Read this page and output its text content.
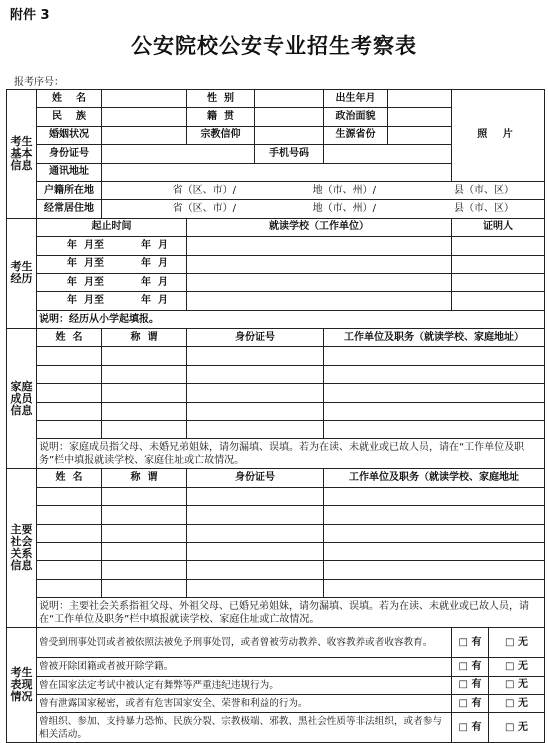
附件 3
公安院校公安专业招生考察表
报考序号：
考生基本信息	姓    名		性  别		出生年月		照 片	
	民    族		籍  贯		政治面貌			
	婚姻状况		宗教信仰		生源省份			
	身份证号			手机号码				
	通讯地址							
	户籍所在地	省（区、市）/ 地（市、州）/ 县（市、区）						
	经常居住地	省（区、市）/ 地（市、州）/ 县（市、区）						
考生经历	起止时间		就读学校（工作单位）				证明人	
	年  月至 年  月							
	年  月至 年  月							
	年  月至 年  月							
	年  月至 年  月							
	说明：经历从小学起填报。							
家庭成员信息	姓  名	称  谓	身份证号		工作单位及职务（就读学校、家庭地址）			

	说明：家庭成员指父母、未婚兄弟姐妹，请勿漏填、误填。若为在读、未就业或已故人员，请在“工作单位及职务”栏中填报就读学校、家庭住址或亡故情况。							
主要社会关系信息	姓  名	称  谓	身份证号		工作单位及职务（就读学校、家庭地址			

	说明：主要社会关系指祖父母、外祖父母、已婚兄弟姐妹，请勿漏填、误填。若为在读、未就业或已故人员，请在“工作单位及职务”栏中填报就读学校、家庭住址或亡故情况。							
考生表现情况	曾受到刑事处罚或者被依照法被免予刑事处罚，或者曾被劳动教养、收容教养或者收容教育。						□ 有	□ 无
	曾被开除团籍或者被开除学籍。						□ 有	□ 无
	曾在国家法定考试中被认定有舞弊等严重违纪违规行为。						□ 有	□ 无
	曾有泄露国家秘密，或者有危害国家安全、荣誉和利益的行为。						□ 有	□ 无
	曾组织、参加、支持暴力恐怖、民族分裂、宗教极端、邪教、黑社会性质等非法组织，或者参与相关活动。						□ 有	□ 无
